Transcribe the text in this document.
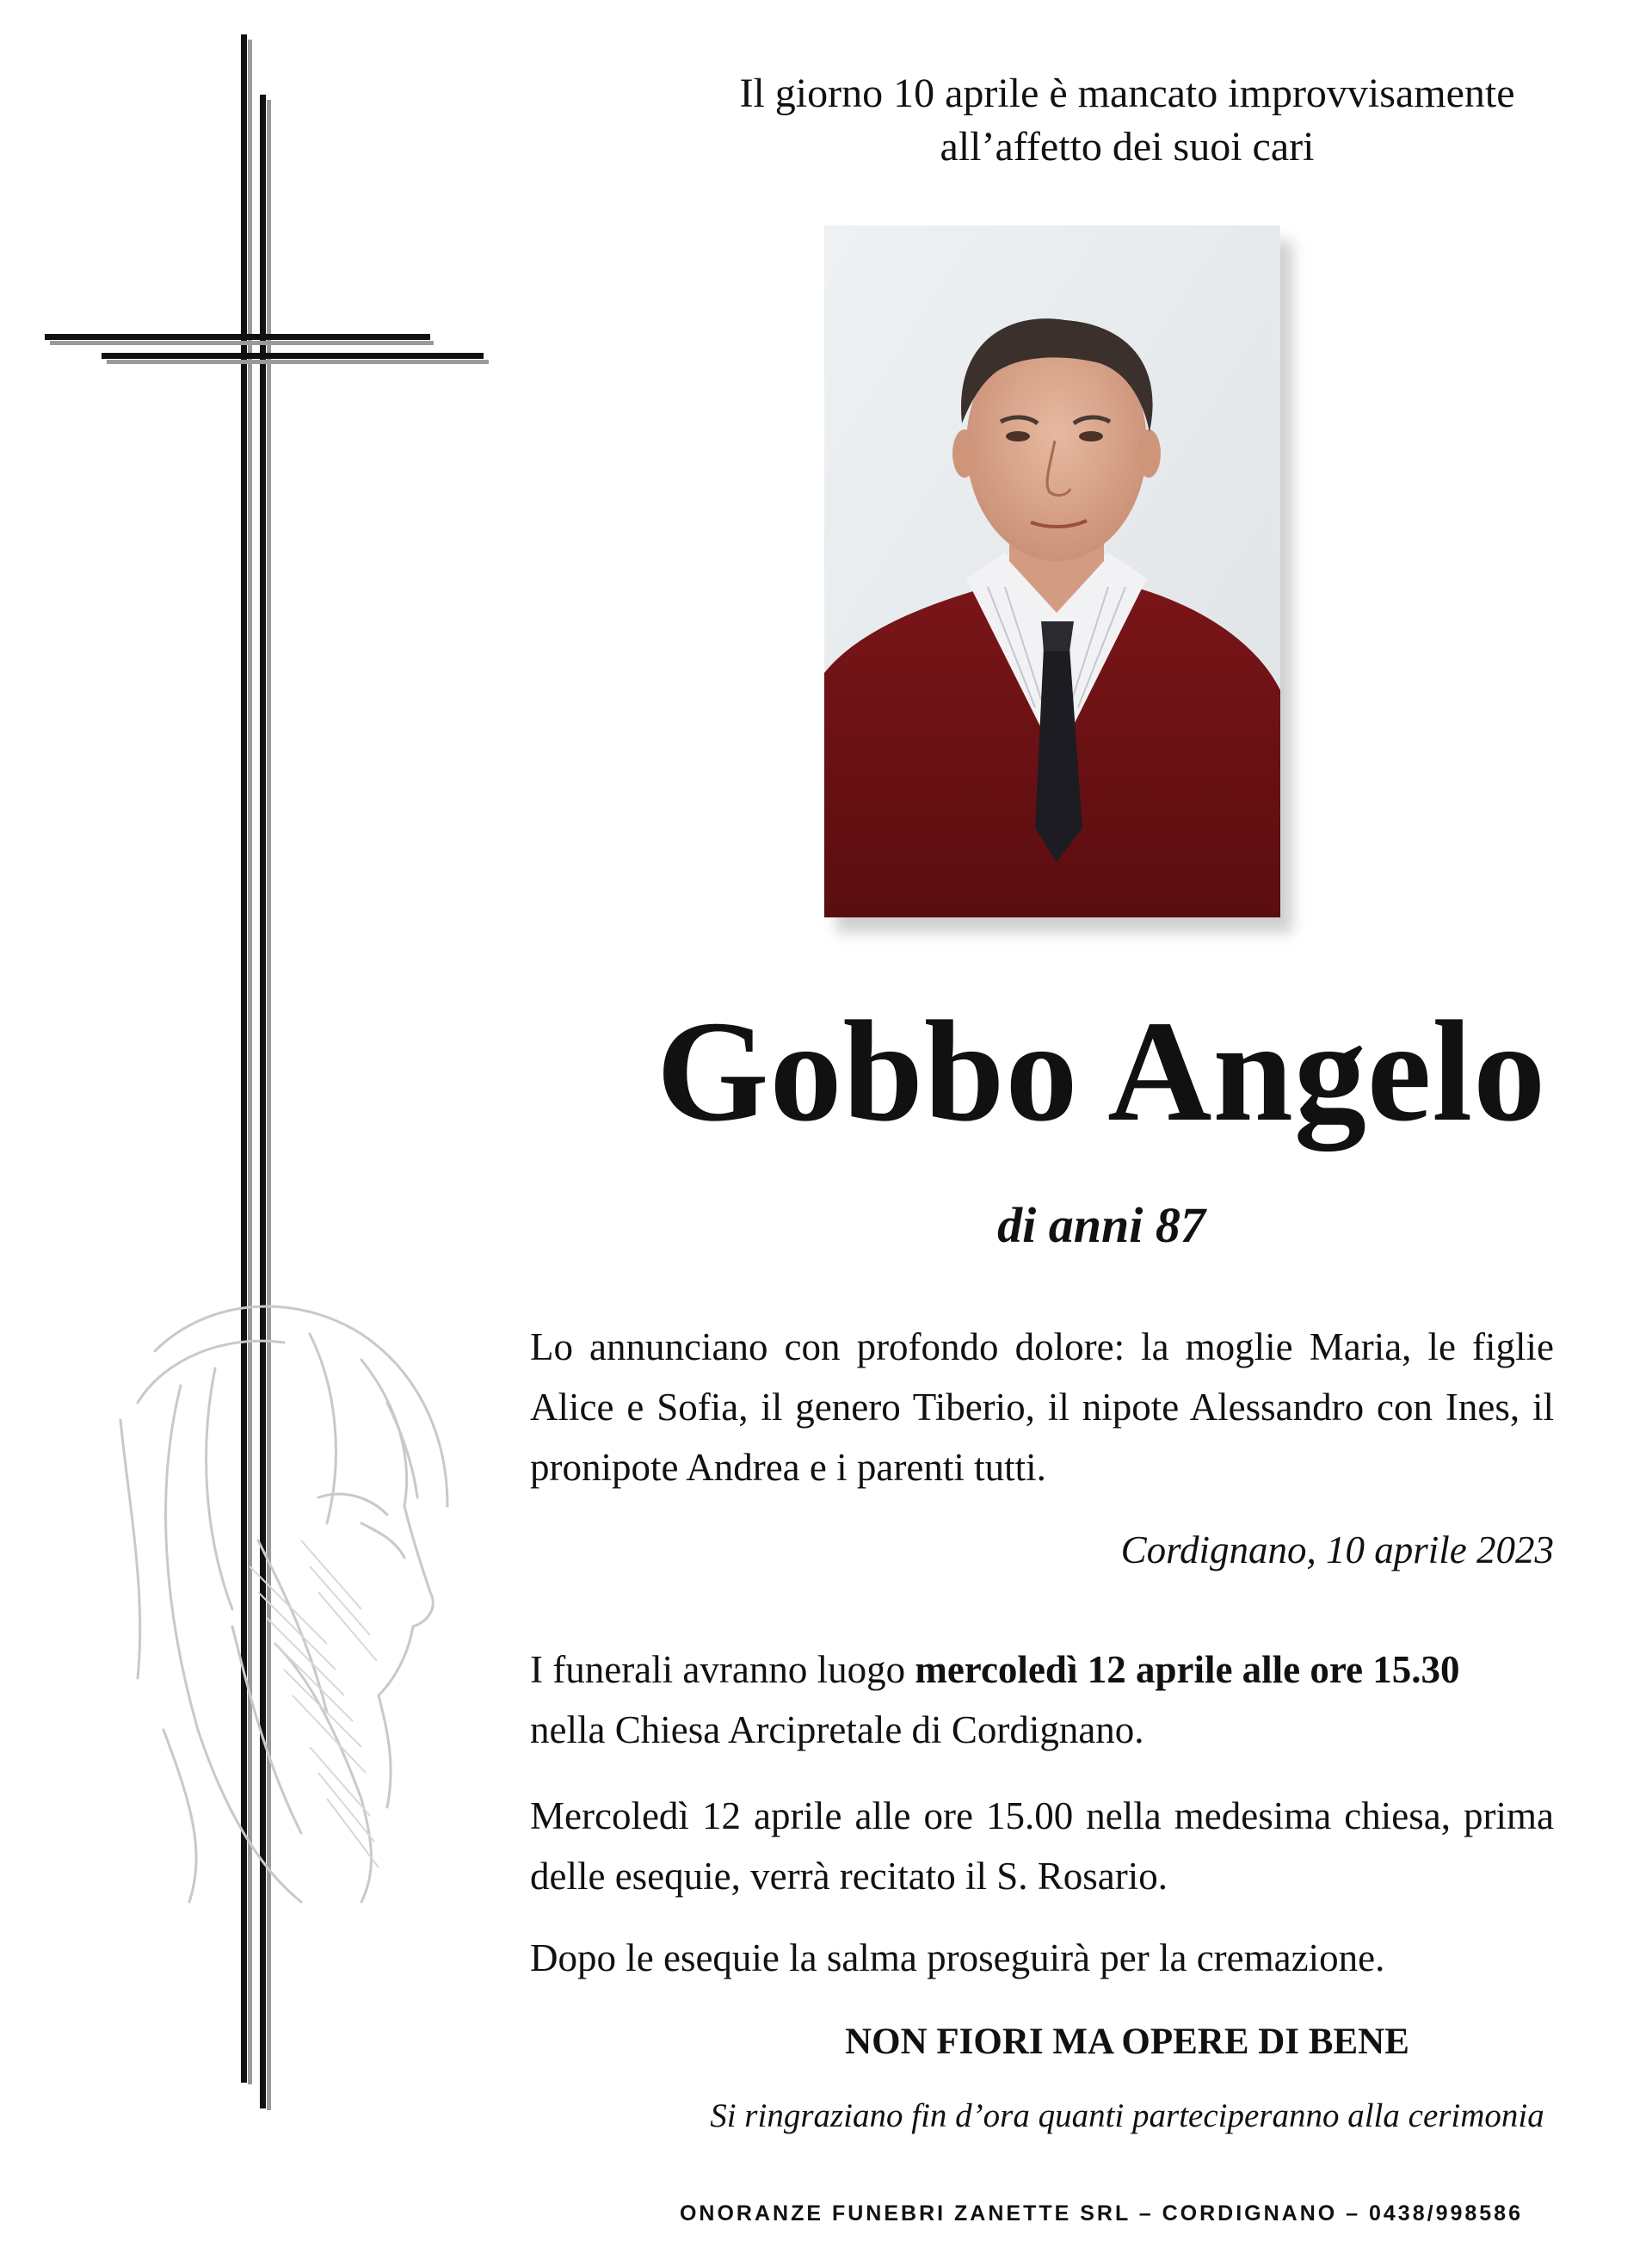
Il giorno 10 aprile è mancato improvvisamente
all’affetto dei suoi cari
Gobbo Angelo
di anni 87
Lo annunciano con profondo dolore: la moglie Maria, le figlie Alice e Sofia, il genero Tiberio, il nipote Alessandro con Ines, il pronipote Andrea e i parenti tutti.
Cordignano, 10 aprile 2023
I funerali avranno luogo mercoledì 12 aprile alle ore 15.30
nella Chiesa Arcipretale di Cordignano.
Mercoledì 12 aprile alle ore 15.00 nella medesima chiesa, prima delle esequie, verrà recitato il S. Rosario.
Dopo le esequie la salma proseguirà per la cremazione.
NON FIORI MA OPERE DI BENE
Si ringraziano fin d’ora quanti parteciperanno alla cerimonia
ONORANZE FUNEBRI ZANETTE SRL – CORDIGNANO – 0438/998586
